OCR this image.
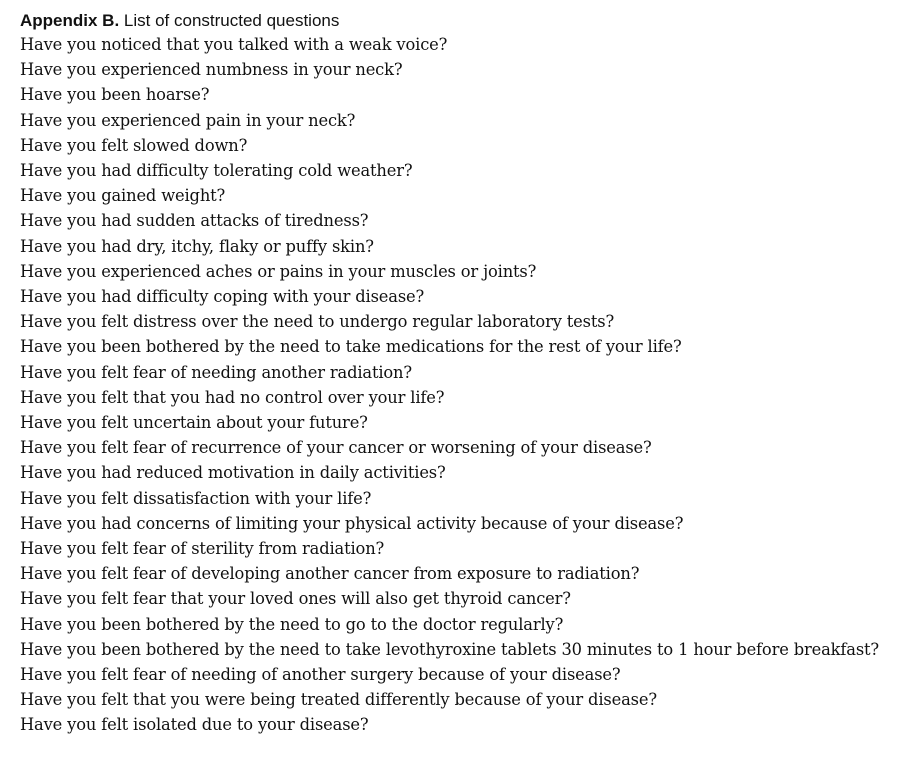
Appendix B. List of constructed questions

Have you noticed that you talked with a weak voice?
Have you experienced numbness in your neck?
Have you been hoarse?
Have you experienced pain in your neck?
Have you felt slowed down?
Have you had difficulty tolerating cold weather?
Have you gained weight?
Have you had sudden attacks of tiredness?
Have you had dry, itchy, flaky or puffy skin?
Have you experienced aches or pains in your muscles or joints?
Have you had difficulty coping with your disease?
Have you felt distress over the need to undergo regular laboratory tests?
Have you been bothered by the need to take medications for the rest of your life?
Have you felt fear of needing another radiation?
Have you felt that you had no control over your life?
Have you felt uncertain about your future?
Have you felt fear of recurrence of your cancer or worsening of your disease?
Have you had reduced motivation in daily activities?
Have you felt dissatisfaction with your life?
Have you had concerns of limiting your physical activity because of your disease?
Have you felt fear of sterility from radiation?
Have you felt fear of developing another cancer from exposure to radiation?
Have you felt fear that your loved ones will also get thyroid cancer?
Have you been bothered by the need to go to the doctor regularly?
Have you been bothered by the need to take levothyroxine tablets 30 minutes to 1 hour before breakfast?
Have you felt fear of needing of another surgery because of your disease?
Have you felt that you were being treated differently because of your disease?
Have you felt isolated due to your disease?
